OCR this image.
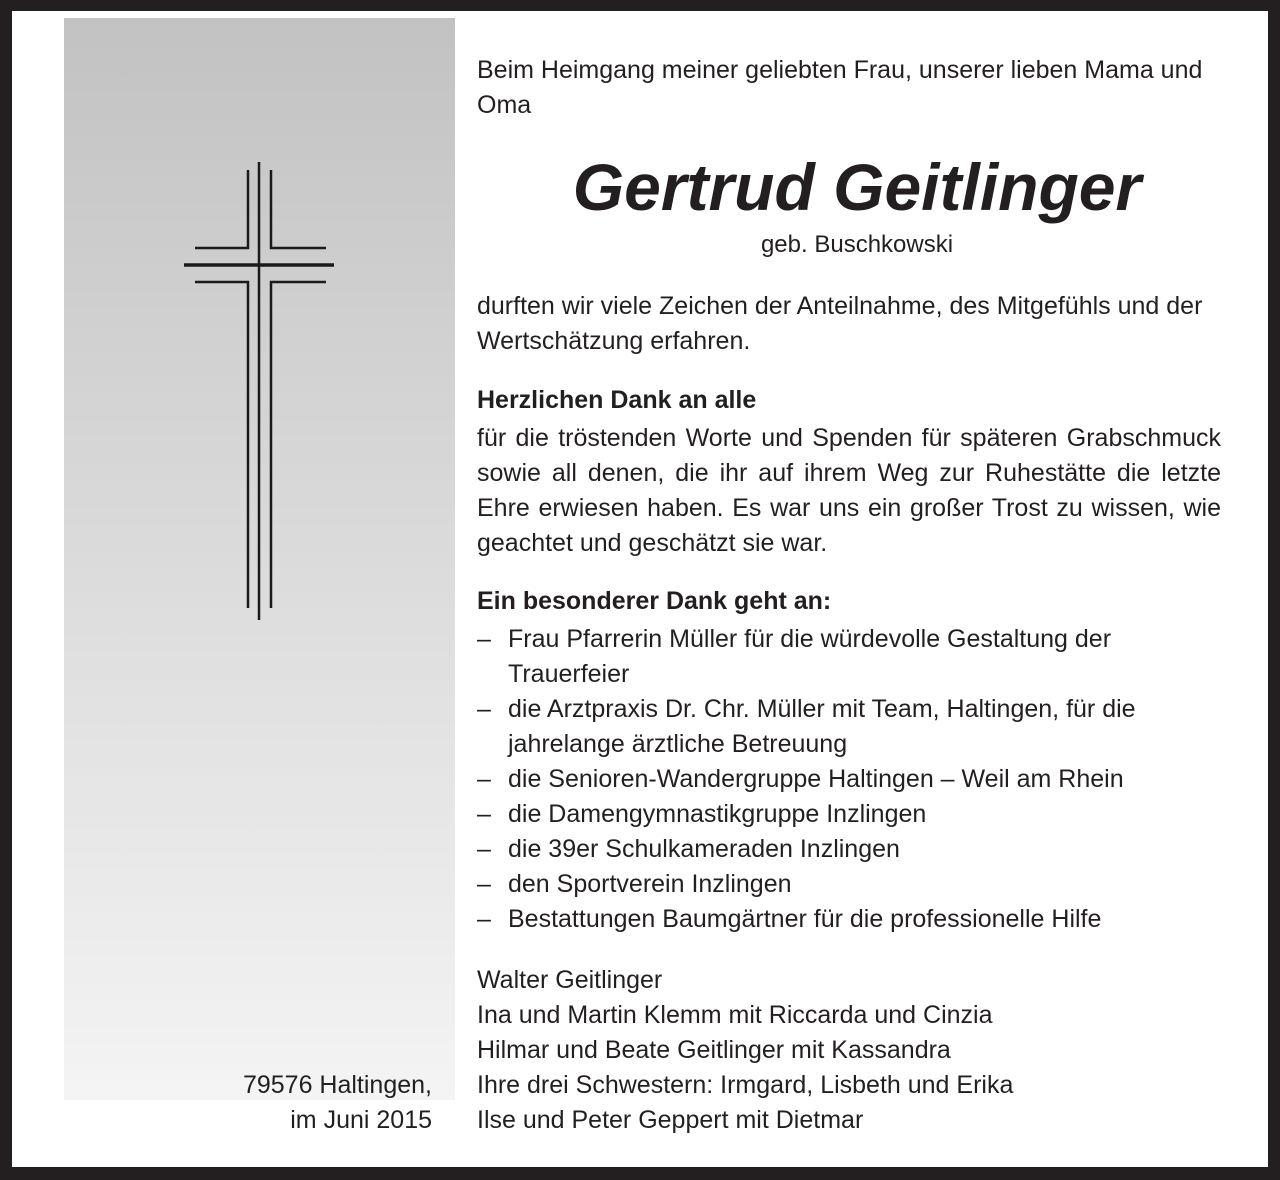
Beim Heimgang meiner geliebten Frau, unserer lieben Mama und Oma
Gertrud Geitlinger
geb. Buschkowski
durften wir viele Zeichen der Anteilnahme, des Mitgefühls und der Wertschätzung erfahren.
Herzlichen Dank an alle
für die tröstenden Worte und Spenden für späteren Grabschmuck sowie all denen, die ihr auf ihrem Weg zur Ruhestätte die letzte Ehre erwiesen haben. Es war uns ein großer Trost zu wissen, wie geachtet und geschätzt sie war.
Ein besonderer Dank geht an:
– Frau Pfarrerin Müller für die würdevolle Gestaltung der Trauerfeier
– die Arztpraxis Dr. Chr. Müller mit Team, Haltingen, für die jahrelange ärztliche Betreuung
– die Senioren-Wandergruppe Haltingen – Weil am Rhein
– die Damengymnastikgruppe Inzlingen
– die 39er Schulkameraden Inzlingen
– den Sportverein Inzlingen
– Bestattungen Baumgärtner für die professionelle Hilfe
Walter Geitlinger
Ina und Martin Klemm mit Riccarda und Cinzia
Hilmar und Beate Geitlinger mit Kassandra
Ihre drei Schwestern: Irmgard, Lisbeth und Erika
Ilse und Peter Geppert mit Dietmar
79576 Haltingen,
im Juni 2015
